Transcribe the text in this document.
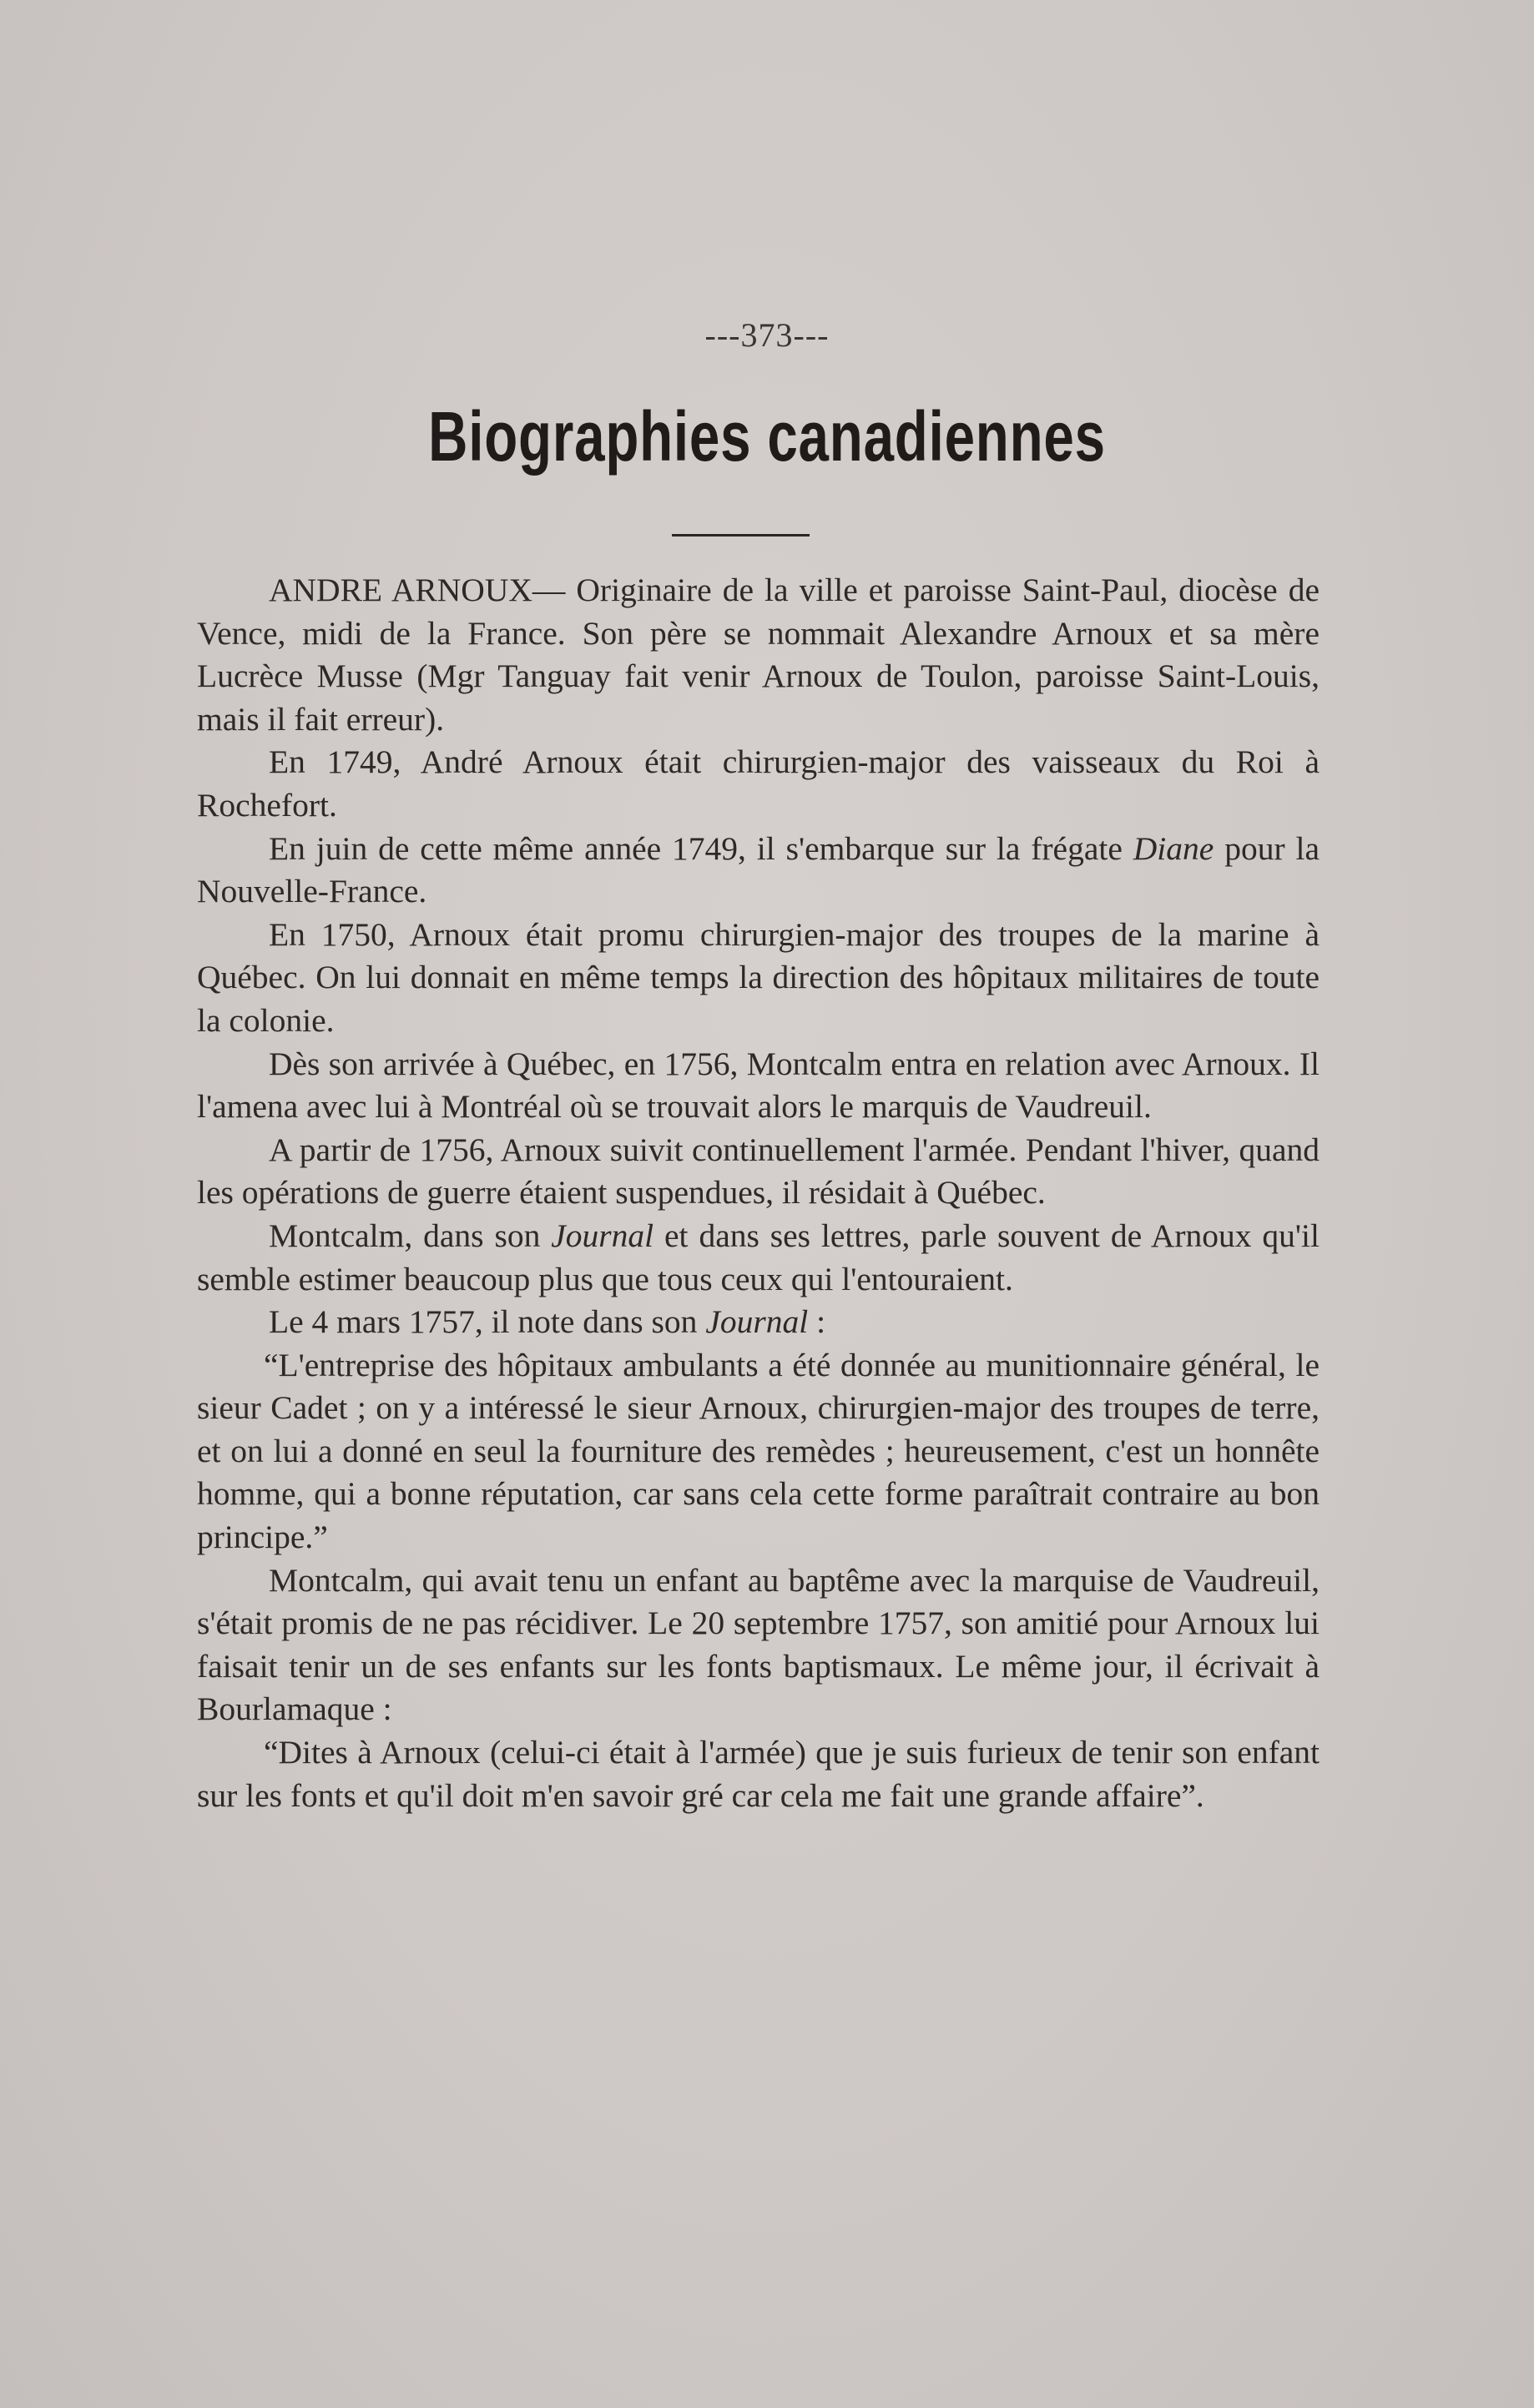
---373---
Biographies canadiennes

ANDRE ARNOUX— Originaire de la ville et paroisse Saint-Paul, diocèse de Vence, midi de la France. Son père se nommait Alexandre Arnoux et sa mère Lucrèce Musse (Mgr Tanguay fait venir Arnoux de Toulon, paroisse Saint-Louis, mais il fait erreur).

En 1749, André Arnoux était chirurgien-major des vaisseaux du Roi à Rochefort.

En juin de cette même année 1749, il s'embarque sur la frégate Diane pour la Nouvelle-France.

En 1750, Arnoux était promu chirurgien-major des troupes de la marine à Québec. On lui donnait en même temps la direction des hôpitaux militaires de toute la colonie.

Dès son arrivée à Québec, en 1756, Montcalm entra en relation avec Arnoux. Il l'amena avec lui à Montréal où se trouvait alors le marquis de Vaudreuil.

A partir de 1756, Arnoux suivit continuellement l'armée. Pendant l'hiver, quand les opérations de guerre étaient suspendues, il résidait à Québec.

Montcalm, dans son Journal et dans ses lettres, parle souvent de Arnoux qu'il semble estimer beaucoup plus que tous ceux qui l'entouraient.

Le 4 mars 1757, il note dans son Journal :

“L'entreprise des hôpitaux ambulants a été donnée au munitionnaire général, le sieur Cadet ; on y a intéressé le sieur Arnoux, chirurgien-major des troupes de terre, et on lui a donné en seul la fourniture des remèdes ; heureusement, c'est un honnête homme, qui a bonne réputation, car sans cela cette forme paraîtrait contraire au bon principe.”

Montcalm, qui avait tenu un enfant au baptême avec la marquise de Vaudreuil, s'était promis de ne pas récidiver. Le 20 septembre 1757, son amitié pour Arnoux lui faisait tenir un de ses enfants sur les fonts baptismaux. Le même jour, il écrivait à Bourlamaque :

“Dites à Arnoux (celui-ci était à l'armée) que je suis furieux de tenir son enfant sur les fonts et qu'il doit m'en savoir gré car cela me fait une grande affaire”.
